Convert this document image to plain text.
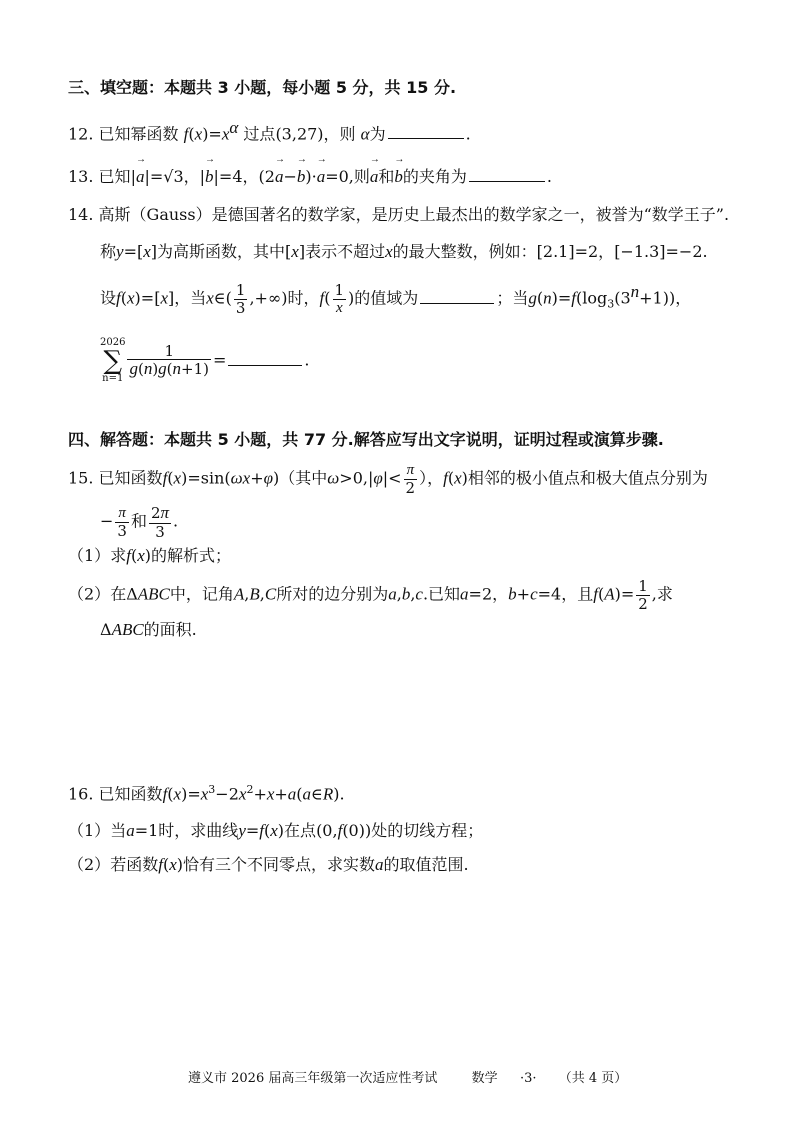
三、填空题：本题共 3 小题，每小题 5 分，共 15 分.
12. 已知幂函数 $f(x)=x^\alpha$ 过点(3,27)，则 α为	.
13. 已知|→ a|=√3，|→ b|=4，(2→ a−→ b)·→ a=0,则→ a和→ b的夹角为	.
14. 高斯（Gauss）是德国著名的数学家，是历史上最杰出的数学家之一，被誉为“数学王子”.
称y=[x]为高斯函数，其中[x]表示不超过x的最大整数，例如：[2.1]=2，[−1.3]=−2.
设f(x)=[x]，当x∈( $\frac{1}{3}$ ,+∞)时，$f( \frac{1}{x}$ )的值域为	；当$g(n)=f(\log_3(3^n+1))$，
2026
∑
$n=1 \frac{1}{g(n)g(n+1)}$ =	.
四、解答题：本题共 5 小题，共 77 分.解答应写出文字说明，证明过程或演算步骤.
15. 已知函数f(x)=sin(ωx+φ)（其中$\omega>0,|\varphi|< \frac{\pi}{2}$ ），f(x)相邻的极小值点和极大值点分别为
− $\frac{\pi}{3}$ 和 $\frac{2\pi}{3}$ .
（1）求f(x)的解析式；
（2）在ΔABC中，记角A,B,C所对的边分别为a,b,c.已知a=2，b+c=4，且$f(A)= \frac{1}{2}$ ,求
ΔABC的面积.
16. 已知函数$f(x)=x^3-2x^2+x+a(a\in R)$.
（1）当a=1时，求曲线y=f(x)在点(0,f(0))处的切线方程；
（2）若函数f(x)恰有三个不同零点，求实数a的取值范围.
遵义市 2026 届高三年级第一次适应性考试	数学 ·3· （共 4 页）
